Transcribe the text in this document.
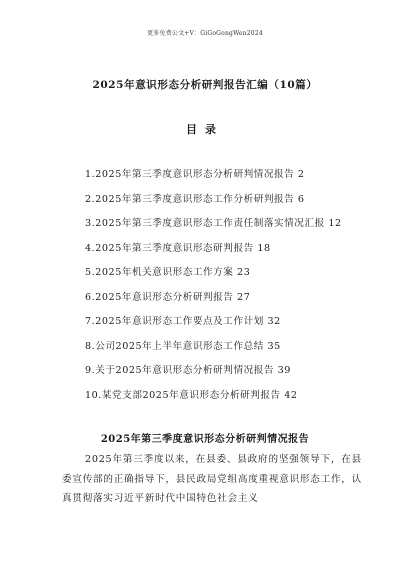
更多免费公文+V：GiGoGongWen2024
2025年意识形态分析研判报告汇编（10篇）
目录
1.2025年第三季度意识形态分析研判情况报告 2
2.2025年第三季度意识形态工作分析研判报告 6
3.2025年第三季度意识形态工作责任制落实情况汇报 12
4.2025年第三季度意识形态研判报告 18
5.2025年机关意识形态工作方案 23
6.2025年意识形态分析研判报告 27
7.2025年意识形态工作要点及工作计划 32
8.公司2025年上半年意识形态工作总结 35
9.关于2025年意识形态分析研判情况报告 39
10.某党支部2025年意识形态分析研判报告 42
2025年第三季度意识形态分析研判情况报告

2025年第三季度以来，在县委、县政府的坚强领导下，在县委宣传部的正确指导下，县民政局党组高度重视意识形态工作，认真贯彻落实习近平新时代中国特色社会主义
